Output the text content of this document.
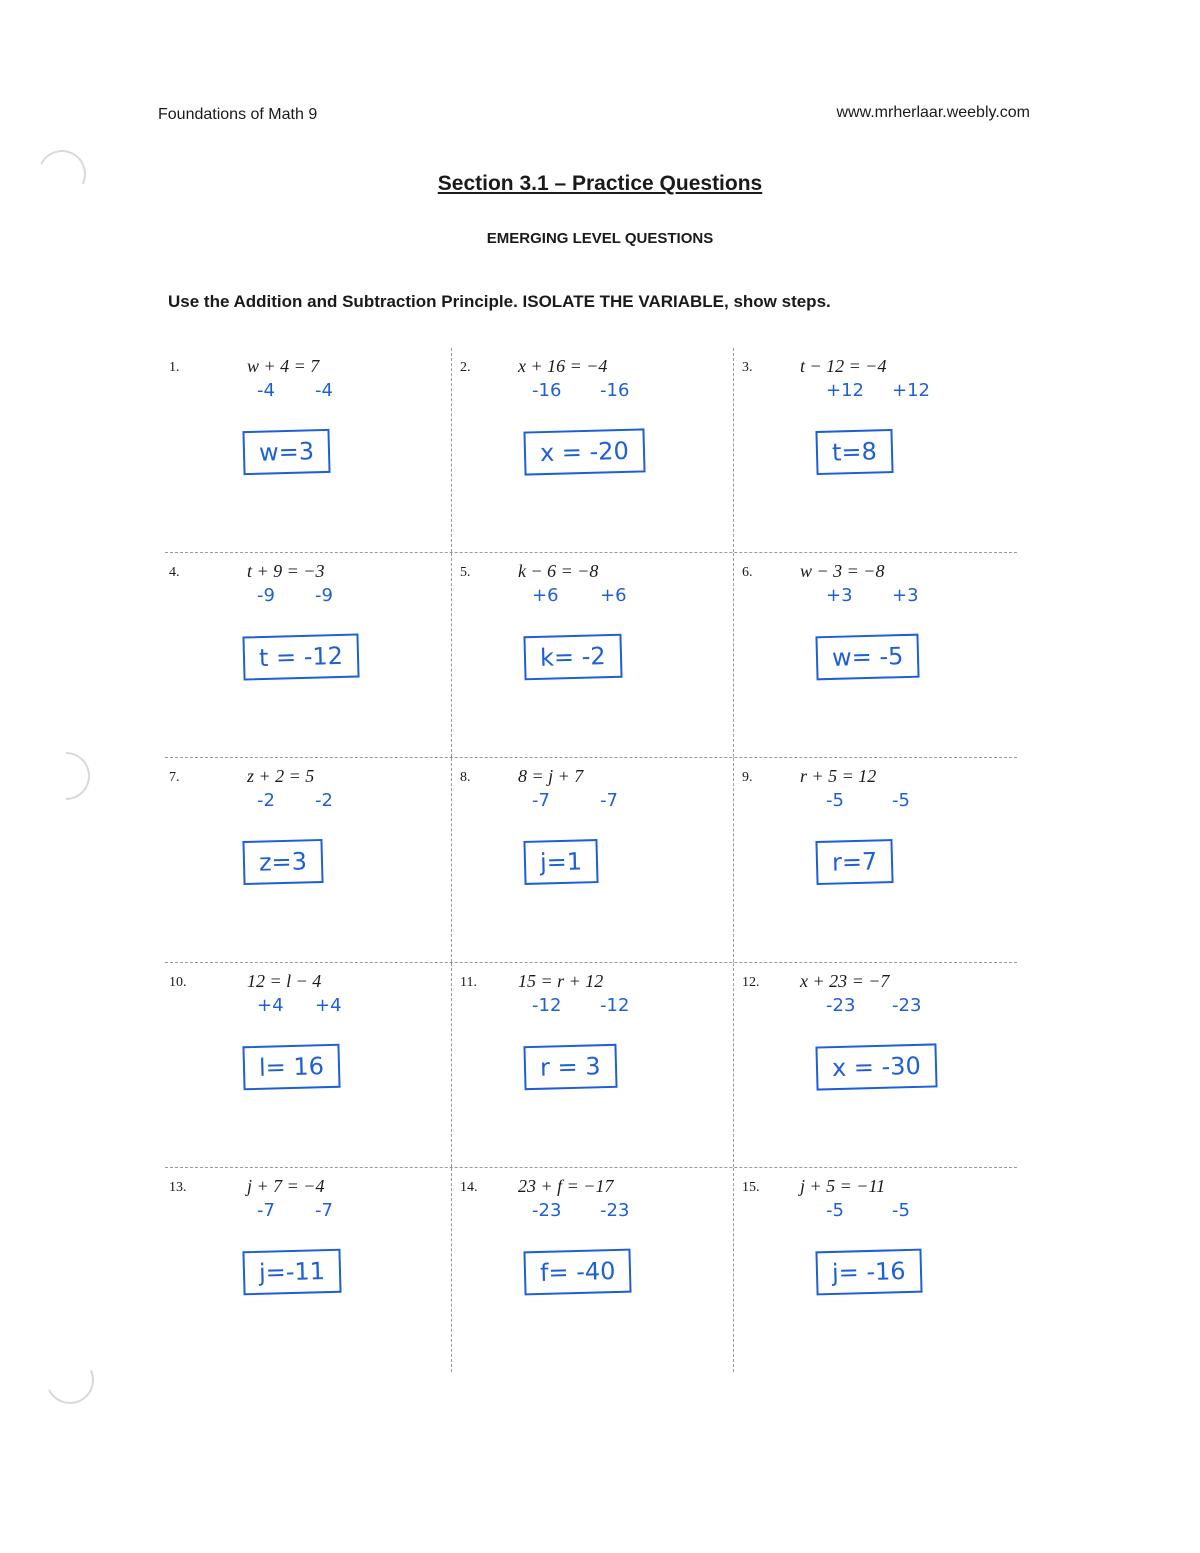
Foundations of Math 9	www.mrherlaar.weebly.com
Section 3.1 – Practice Questions
EMERGING LEVEL QUESTIONS
Use the Addition and Subtraction Principle. ISOLATE THE VARIABLE, show steps.
1.	w + 4 = 7
-4 -4
w=3
2.	x + 16 = −4
-16 -16
x = -20
3.	t − 12 = −4
+12 +12
t=8
4.	t + 9 = −3
-9 -9
t = -12
5.	k − 6 = −8
+6 +6
k= -2
6.	w − 3 = −8
+3 +3
w= -5
7.	z + 2 = 5
-2 -2
z=3
8.	8 = j + 7
-7	-7
j=1
9.	r + 5 = 12
-5	-5
r=7
10.	12 = l − 4
+4 +4
l= 16
11. 15 = r + 12
-12 -12
r = 3
12. x + 23 = −7
-23 -23
x = -30
13.	j + 7 = −4
-7 -7
j=-11
14. 23 + f = −17
-23 -23
f= -40
15. j + 5 = −11
-5	-5
j= -16
